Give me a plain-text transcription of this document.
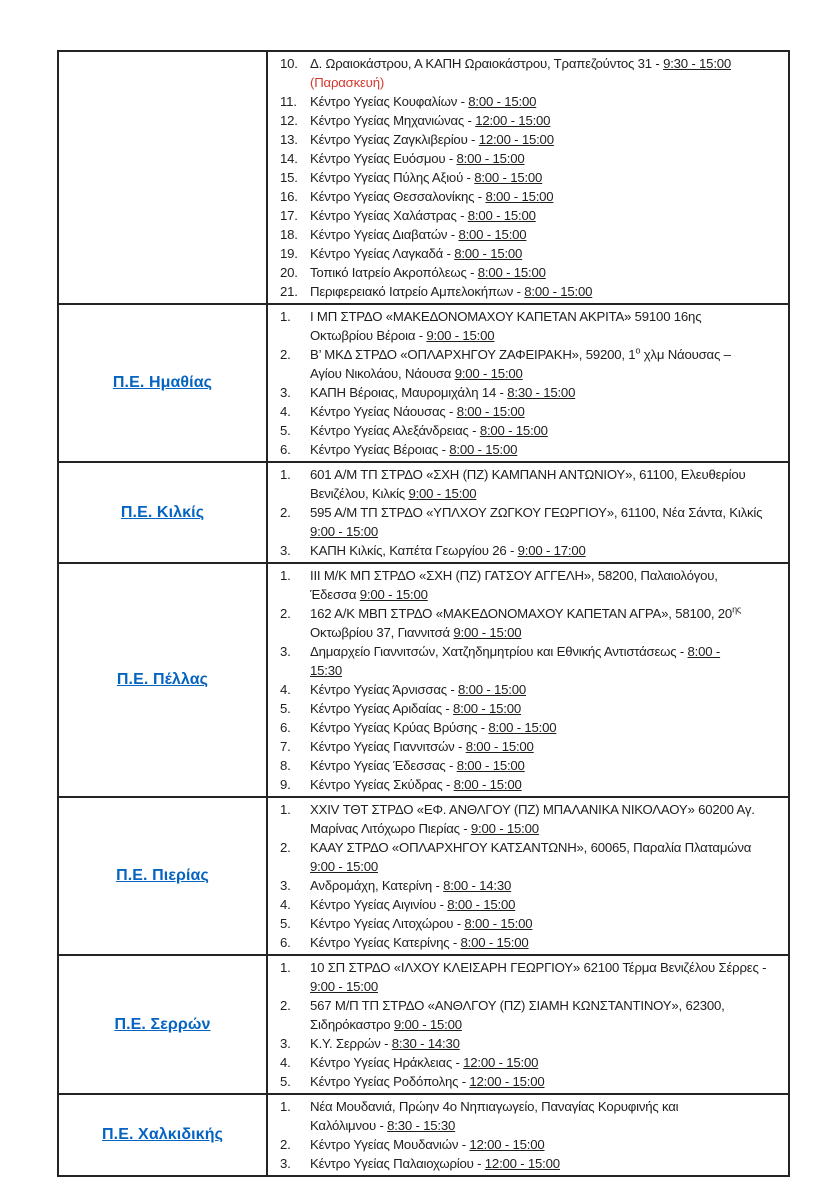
10. Δ. Ωραιοκάστρου, Α ΚΑΠΗ Ωραιοκάστρου, Τραπεζούντος 31 - 9:30 - 15:00
(Παρασκευή)
11.	Κέντρο Υγείας Κουφαλίων - 8:00 - 15:00
12. Κέντρο Υγείας Μηχανιώνας - 12:00 - 15:00
13. Κέντρο Υγείας Ζαγκλιβερίου - 12:00 - 15:00
14. Κέντρο Υγείας Ευόσμου - 8:00 - 15:00
15. Κέντρο Υγείας Πύλης Αξιού - 8:00 - 15:00
16. Κέντρο Υγείας Θεσσαλονίκης - 8:00 - 15:00
17. Κέντρο Υγείας Χαλάστρας - 8:00 - 15:00
18. Κέντρο Υγείας Διαβατών - 8:00 - 15:00
19. Κέντρο Υγείας Λαγκαδά - 8:00 - 15:00
20. Τοπικό Ιατρείο Ακροπόλεως - 8:00 - 15:00
21. Περιφερειακό Ιατρείο Αμπελοκήπων - 8:00 - 15:00
Π.Ε. Ημαθίας
1.	Ι ΜΠ ΣΤΡΔΟ «ΜΑΚΕΔΟΝΟΜΑΧΟΥ ΚΑΠΕΤΑΝ ΑΚΡΙΤΑ» 59100 16ης
Οκτωβρίου Βέροια - 9:00 - 15:00
2.	Β’ ΜΚΔ ΣΤΡΔΟ «ΟΠΛΑΡΧΗΓΟΥ ΖΑΦΕΙΡΑΚΗ», 59200, $1^o$ χλμ Νάουσας –
Αγίου Νικολάου, Νάουσα 9:00 - 15:00
3.	ΚΑΠΗ Βέροιας, Μαυρομιχάλη 14 - 8:30 - 15:00
4.	Κέντρο Υγείας Νάουσας - 8:00 - 15:00
5.	Κέντρο Υγείας Αλεξάνδρειας - 8:00 - 15:00
6.	Κέντρο Υγείας Βέροιας - 8:00 - 15:00
Π.Ε. Κιλκίς
1.	601 Α/Μ ΤΠ ΣΤΡΔΟ «ΣΧΗ (ΠΖ) ΚΑΜΠΑΝΗ ΑΝΤΩΝΙΟΥ», 61100, Ελευθερίου
Βενιζέλου, Κιλκίς 9:00 - 15:00
2.	595 Α/Μ ΤΠ ΣΤΡΔΟ «ΥΠΛΧΟΥ ΖΩΓΚΟΥ ΓΕΩΡΓΙΟΥ», 61100, Νέα Σάντα, Κιλκίς
9:00 - 15:00
3.	ΚΑΠΗ Κιλκίς, Καπέτα Γεωργίου 26 - 9:00 - 17:00
Π.Ε. Πέλλας
1.	ΙΙΙ Μ/Κ ΜΠ ΣΤΡΔΟ «ΣΧΗ (ΠΖ) ΓΑΤΣΟΥ ΑΓΓΕΛΗ», 58200, Παλαιολόγου,
Έδεσσα 9:00 - 15:00
2.	162 Α/Κ ΜΒΠ ΣΤΡΔΟ «ΜΑΚΕΔΟΝΟΜΑΧΟΥ ΚΑΠΕΤΑΝ ΑΓΡΑ», 58100, $20^{\eta\varsigma}$
Οκτωβρίου 37, Γιαννιτσά 9:00 - 15:00
3.	Δημαρχείο Γιαννιτσών, Χατζηδημητρίου και Εθνικής Αντιστάσεως - 8:00 -
15:30
4.	Κέντρο Υγείας Άρνισσας - 8:00 - 15:00
5.	Κέντρο Υγείας Αριδαίας - 8:00 - 15:00
6.	Κέντρο Υγείας Κρύας Βρύσης - 8:00 - 15:00
7.	Κέντρο Υγείας Γιαννιτσών - 8:00 - 15:00
8.	Κέντρο Υγείας Έδεσσας - 8:00 - 15:00
9.	Κέντρο Υγείας Σκύδρας - 8:00 - 15:00
Π.Ε. Πιερίας
1.	XXIV ΤΘΤ ΣΤΡΔΟ «ΕΦ. ΑΝΘΛΓΟΥ (ΠΖ) ΜΠΑΛΑΝΙΚΑ ΝΙΚΟΛΑΟΥ» 60200 Αγ.
Μαρίνας Λιτόχωρο Πιερίας - 9:00 - 15:00
2.	ΚΑΑΥ ΣΤΡΔΟ «ΟΠΛΑΡΧΗΓΟΥ ΚΑΤΣΑΝΤΩΝΗ», 60065, Παραλία Πλαταμώνα
9:00 - 15:00
3.	Ανδρομάχη, Κατερίνη - 8:00 - 14:30
4.	Κέντρο Υγείας Αιγινίου - 8:00 - 15:00
5.	Κέντρο Υγείας Λιτοχώρου - 8:00 - 15:00
6.	Κέντρο Υγείας Κατερίνης - 8:00 - 15:00
Π.Ε. Σερρών
1.	10 ΣΠ ΣΤΡΔΟ «ΙΛΧΟΥ ΚΛΕΙΣΑΡΗ ΓΕΩΡΓΙΟΥ» 62100 Τέρμα Βενιζέλου Σέρρες -
9:00 - 15:00
2.	567 Μ/Π ΤΠ ΣΤΡΔΟ «ΑΝΘΛΓΟΥ (ΠΖ) ΣΙΑΜΗ ΚΩΝΣΤΑΝΤΙΝΟΥ», 62300,
Σιδηρόκαστρο 9:00 - 15:00
3.	Κ.Υ. Σερρών - 8:30 - 14:30
4.	Κέντρο Υγείας Ηράκλειας - 12:00 - 15:00
5.	Κέντρο Υγείας Ροδόπολης - 12:00 - 15:00
Π.Ε. Χαλκιδικής
1.	Νέα Μουδανιά, Πρώην 4ο Νηπιαγωγείο, Παναγίας Κορυφινής και
Καλόλιμνου - 8:30 - 15:30
2.	Κέντρο Υγείας Μουδανιών - 12:00 - 15:00
3.	Κέντρο Υγείας Παλαιοχωρίου - 12:00 - 15:00
